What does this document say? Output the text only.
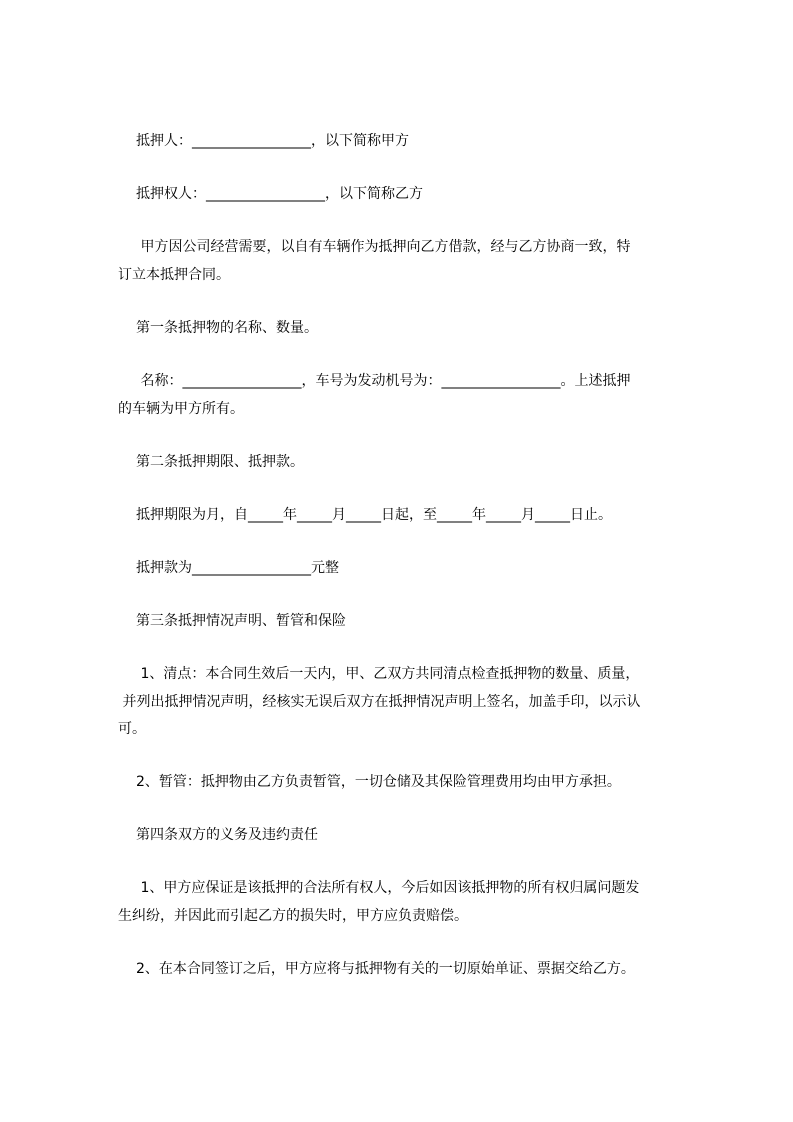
抵押人：_________________，以下简称甲方

抵押权人：_________________，以下简称乙方

甲方因公司经营需要，以自有车辆作为抵押向乙方借款，经与乙方协商一致，特

订立本抵押合同。

第一条抵押物的名称、数量。

名称：_________________，车号为发动机号为：_________________。上述抵押

的车辆为甲方所有。

第二条抵押期限、抵押款。

抵押期限为月，自_____年_____月_____日起，至_____年_____月_____日止。

抵押款为_________________元整

第三条抵押情况声明、暂管和保险

1、清点：本合同生效后一天内，甲、乙双方共同清点检查抵押物的数量、质量，

并列出抵押情况声明，经核实无误后双方在抵押情况声明上签名，加盖手印，以示认

可。

2、暂管：抵押物由乙方负责暂管，一切仓储及其保险管理费用均由甲方承担。

第四条双方的义务及违约责任

1、甲方应保证是该抵押的合法所有权人，今后如因该抵押物的所有权归属问题发

生纠纷，并因此而引起乙方的损失时，甲方应负责赔偿。

2、在本合同签订之后，甲方应将与抵押物有关的一切原始单证、票据交给乙方。
